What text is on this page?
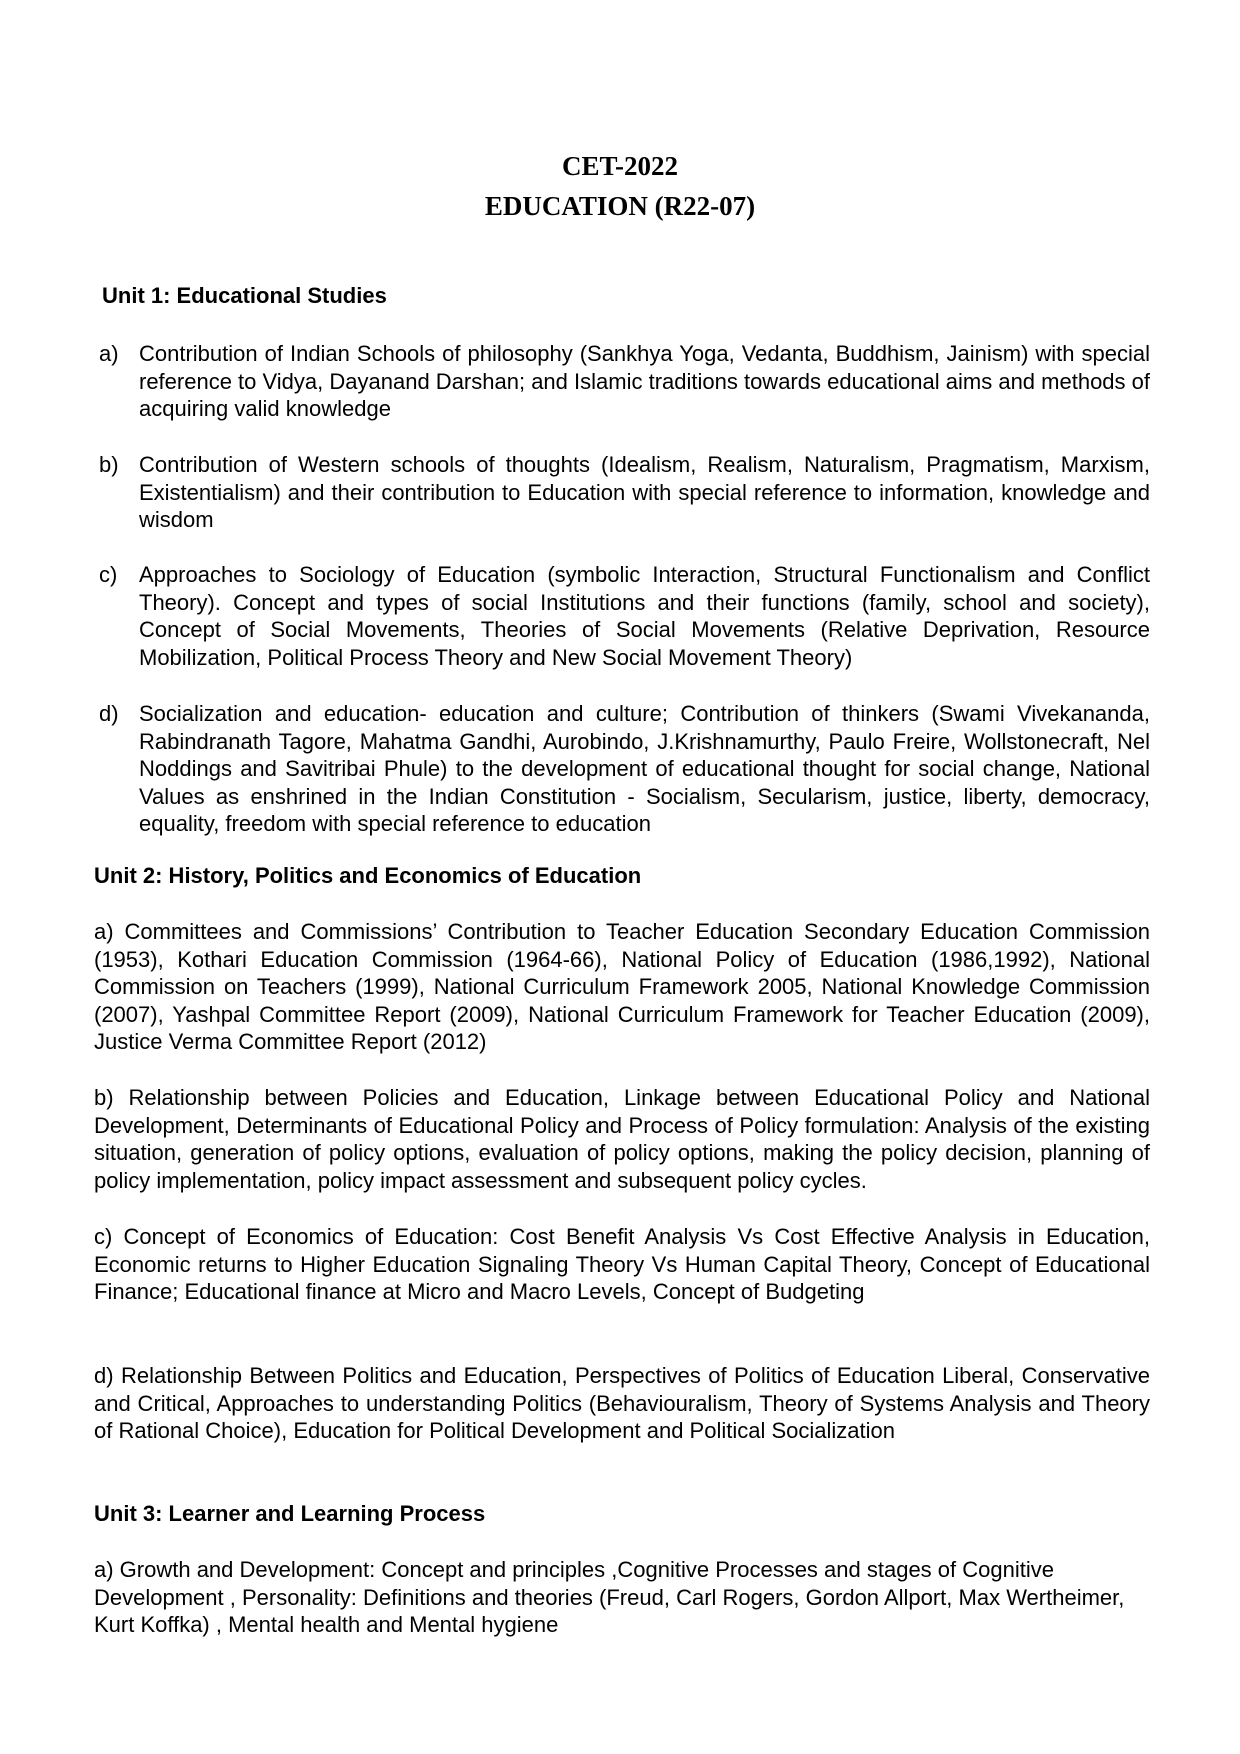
CET-2022
EDUCATION (R22-07)
Unit 1: Educational Studies
a) Contribution of Indian Schools of philosophy (Sankhya Yoga, Vedanta, Buddhism, Jainism) with special reference to Vidya, Dayanand Darshan; and Islamic traditions towards educational aims and methods of acquiring valid knowledge
b) Contribution of Western schools of thoughts (Idealism, Realism, Naturalism, Pragmatism, Marxism, Existentialism) and their contribution to Education with special reference to information, knowledge and wisdom
c) Approaches to Sociology of Education (symbolic Interaction, Structural Functionalism and Conflict Theory). Concept and types of social Institutions and their functions (family, school and society), Concept of Social Movements, Theories of Social Movements (Relative Deprivation, Resource Mobilization, Political Process Theory and New Social Movement Theory)
d) Socialization and education- education and culture; Contribution of thinkers (Swami Vivekananda, Rabindranath Tagore, Mahatma Gandhi, Aurobindo, J.Krishnamurthy, Paulo Freire, Wollstonecraft, Nel Noddings and Savitribai Phule) to the development of educational thought for social change, National Values as enshrined in the Indian Constitution - Socialism, Secularism, justice, liberty, democracy, equality, freedom with special reference to education
Unit 2: History, Politics and Economics of Education

a) Committees and Commissions’ Contribution to Teacher Education Secondary Education Commission (1953), Kothari Education Commission (1964-66), National Policy of Education (1986,1992), National Commission on Teachers (1999), National Curriculum Framework 2005, National Knowledge Commission (2007), Yashpal Committee Report (2009), National Curriculum Framework for Teacher Education (2009), Justice Verma Committee Report (2012)

b) Relationship between Policies and Education, Linkage between Educational Policy and National Development, Determinants of Educational Policy and Process of Policy formulation: Analysis of the existing situation, generation of policy options, evaluation of policy options, making the policy decision, planning of policy implementation, policy impact assessment and subsequent policy cycles.

c) Concept of Economics of Education: Cost Benefit Analysis Vs Cost Effective Analysis in Education, Economic returns to Higher Education Signaling Theory Vs Human Capital Theory, Concept of Educational Finance; Educational finance at Micro and Macro Levels, Concept of Budgeting

d) Relationship Between Politics and Education, Perspectives of Politics of Education Liberal, Conservative and Critical, Approaches to understanding Politics (Behaviouralism, Theory of Systems Analysis and Theory of Rational Choice), Education for Political Development and Political Socialization

Unit 3: Learner and Learning Process

a) Growth and Development: Concept and principles ,Cognitive Processes and stages of Cognitive Development , Personality: Definitions and theories (Freud, Carl Rogers, Gordon Allport, Max Wertheimer, Kurt Koffka) , Mental health and Mental hygiene
